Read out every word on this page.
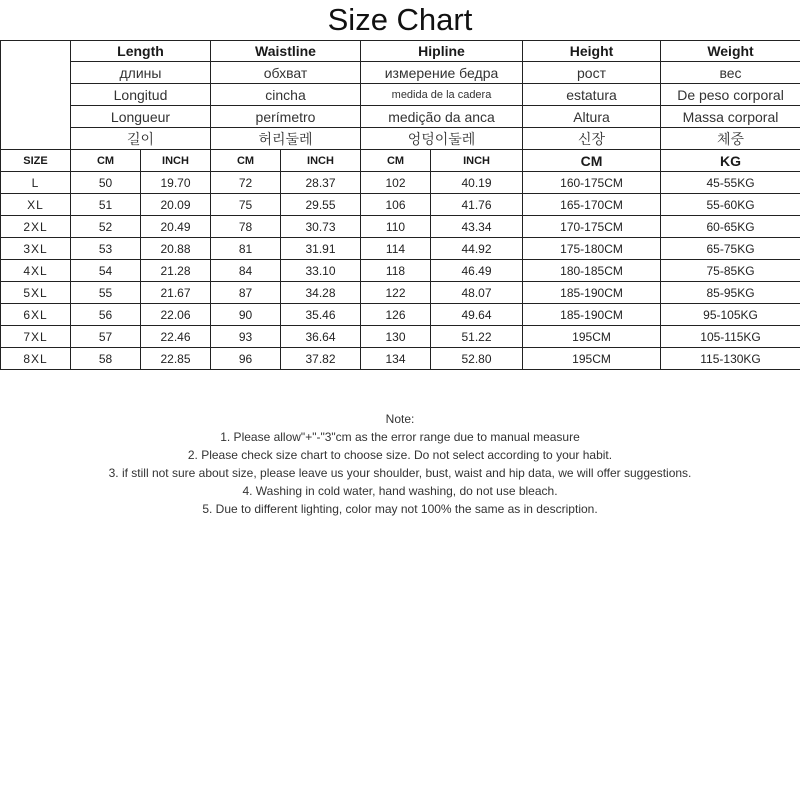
Size Chart
	Length		Waistline		Hipline		Height	Weight
	длины		обхват		измерение бедра		рост	вес
	Longitud		cincha		medida de la cadera		estatura	De peso corporal
	Longueur		perímetro		medição da anca		Altura	Massa corporal
	길이		허리둘레		엉덩이둘레		신장	체중
SIZE	CM	INCH	CM	INCH	CM	INCH	CM	KG
L	50	19.70	72	28.37	102	40.19	160-175CM	45-55KG
XL	51	20.09	75	29.55	106	41.76	165-170CM	55-60KG
2XL	52	20.49	78	30.73	110	43.34	170-175CM	60-65KG
3XL	53	20.88	81	31.91	114	44.92	175-180CM	65-75KG
4XL	54	21.28	84	33.10	118	46.49	180-185CM	75-85KG
5XL	55	21.67	87	34.28	122	48.07	185-190CM	85-95KG
6XL	56	22.06	90	35.46	126	49.64	185-190CM	95-105KG
7XL	57	22.46	93	36.64	130	51.22	195CM	105-115KG
8XL	58	22.85	96	37.82	134	52.80	195CM	115-130KG
Note:
1. Please allow"+"-"3"cm as the error range due to manual measure
2. Please check size chart to choose size. Do not select according to your habit.
3. if still not sure about size, please leave us your shoulder, bust, waist and hip data, we will offer suggestions.
4. Washing in cold water, hand washing, do not use bleach.
5. Due to different lighting, color may not 100% the same as in description.
